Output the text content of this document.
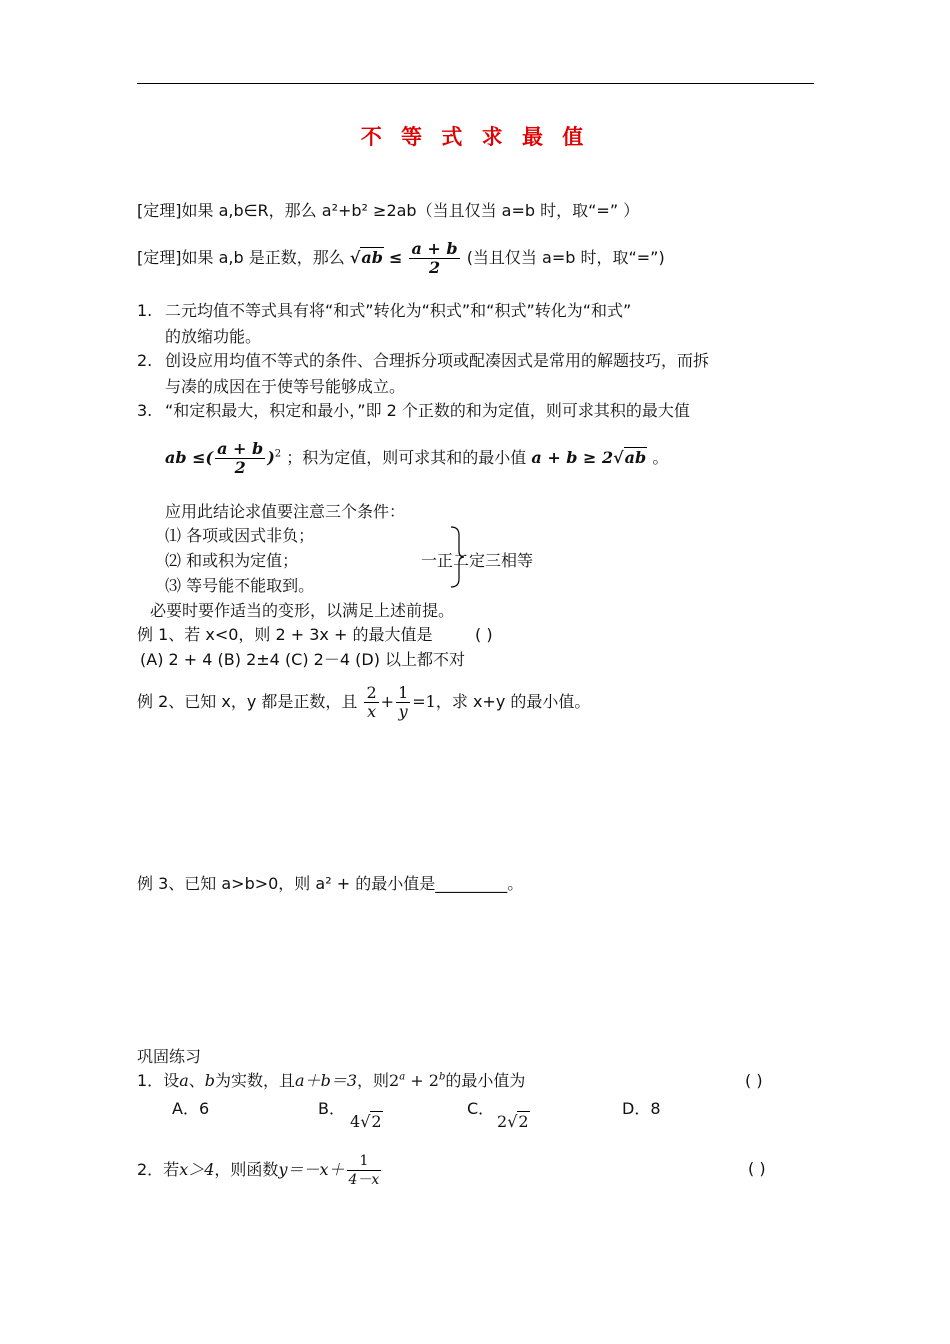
不 等 式 求 最 值
[定理]如果 a,b∈R，那么 a²+b² ≥2ab（当且仅当 a=b 时，取“=” ）
[定理]如果 a,b 是正数，那么 $√ab \le \frac{a + b}{2}$ (当且仅当 a=b 时，取“=”)
1. 二元均值不等式具有将“和式”转化为“积式”和“积式”转化为“和式”
的放缩功能。
2. 创设应用均值不等式的条件、合理拆分项或配凑因式是常用的解题技巧，而拆
与凑的成因在于使等号能够成立。
3. “和定积最大，积定和最小，”即 2 个正数的和为定值，则可求其积的最大值
ab ≤( $\frac{a + b}{2} )^2$ ；积为定值，则可求其和的最小值 a + b ≥ 2√ab 。
应用此结论求值要注意三个条件：
⑴ 各项或因式非负；
⑵ 和或积为定值；
⑶ 等号能不能取到。
一正二定三相等
必要时要作适当的变形，以满足上述前提。
例 1、若 x<0，则 2 + 3x + 的最大值是	( )
(A) 2 + 4 (B) 2±4 (C) 2－4 (D) 以上都不对
例 2、已知 x，y 都是正数，且 $\frac{2}{x} + \frac{1}{y} =1$，求 x+y 的最小值。
例 3、已知 a>b>0，则 a² + 的最小值是_________。
巩固练习
1．设a、b为实数，且a＋b＝3，则$2^a + 2^b$的最小值为	( )
A．6	B．
4√2
C．
2√2
D．8
2．若x＞4，则函数$y=-x+ \frac{1}{4-x}$	( )
